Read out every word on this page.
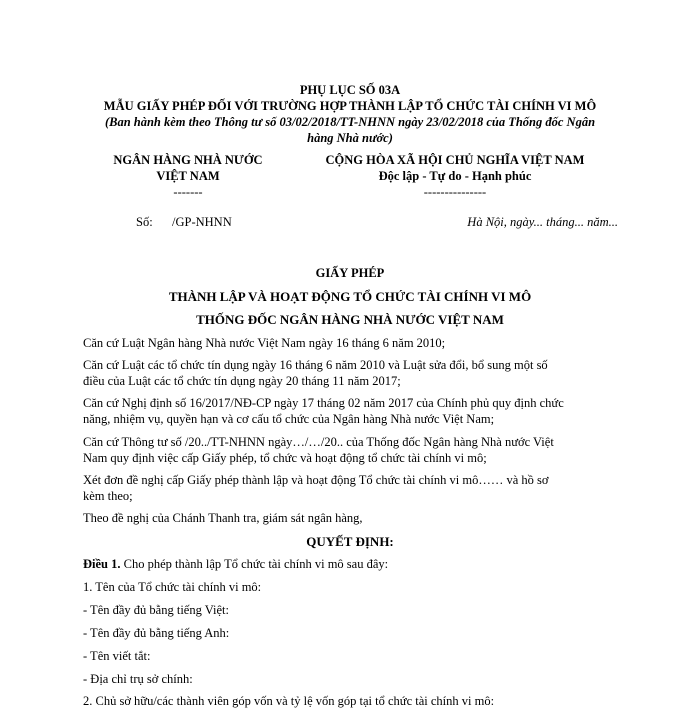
PHỤ LỤC SỐ 03A
MẪU GIẤY PHÉP ĐỐI VỚI TRƯỜNG HỢP THÀNH LẬP TỔ CHỨC TÀI CHÍNH VI MÔ
(Ban hành kèm theo Thông tư số 03/02/2018/TT-NHNN ngày 23/02/2018 của Thống đốc Ngân
hàng Nhà nước)
NGÂN HÀNG NHÀ NƯỚC
VIỆT NAM
-------
CỘNG HÒA XÃ HỘI CHỦ NGHĨA VIỆT NAM
Độc lập - Tự do - Hạnh phúc
---------------
Số: /GP-NHNN	Hà Nội, ngày... tháng... năm...
GIẤY PHÉP
THÀNH LẬP VÀ HOẠT ĐỘNG TỔ CHỨC TÀI CHÍNH VI MÔ
THỐNG ĐỐC NGÂN HÀNG NHÀ NƯỚC VIỆT NAM
Căn cứ Luật Ngân hàng Nhà nước Việt Nam ngày 16 tháng 6 năm 2010;
Căn cứ Luật các tổ chức tín dụng ngày 16 tháng 6 năm 2010 và Luật sửa đổi, bổ sung một số
điều của Luật các tổ chức tín dụng ngày 20 tháng 11 năm 2017;
Căn cứ Nghị định số 16/2017/NĐ-CP ngày 17 tháng 02 năm 2017 của Chính phủ quy định chức
năng, nhiệm vụ, quyền hạn và cơ cấu tổ chức của Ngân hàng Nhà nước Việt Nam;
Căn cứ Thông tư số /20../TT-NHNN ngày…/…/20.. của Thống đốc Ngân hàng Nhà nước Việt
Nam quy định việc cấp Giấy phép, tổ chức và hoạt động tổ chức tài chính vi mô;
Xét đơn đề nghị cấp Giấy phép thành lập và hoạt động Tổ chức tài chính vi mô…… và hồ sơ
kèm theo;
Theo đề nghị của Chánh Thanh tra, giám sát ngân hàng,
QUYẾT ĐỊNH:
Điều 1. Cho phép thành lập Tổ chức tài chính vi mô sau đây:
1. Tên của Tổ chức tài chính vi mô:
- Tên đầy đủ bằng tiếng Việt:
- Tên đầy đủ bằng tiếng Anh:
- Tên viết tắt:
- Địa chỉ trụ sở chính:
2. Chủ sở hữu/các thành viên góp vốn và tỷ lệ vốn góp tại tổ chức tài chính vi mô:
